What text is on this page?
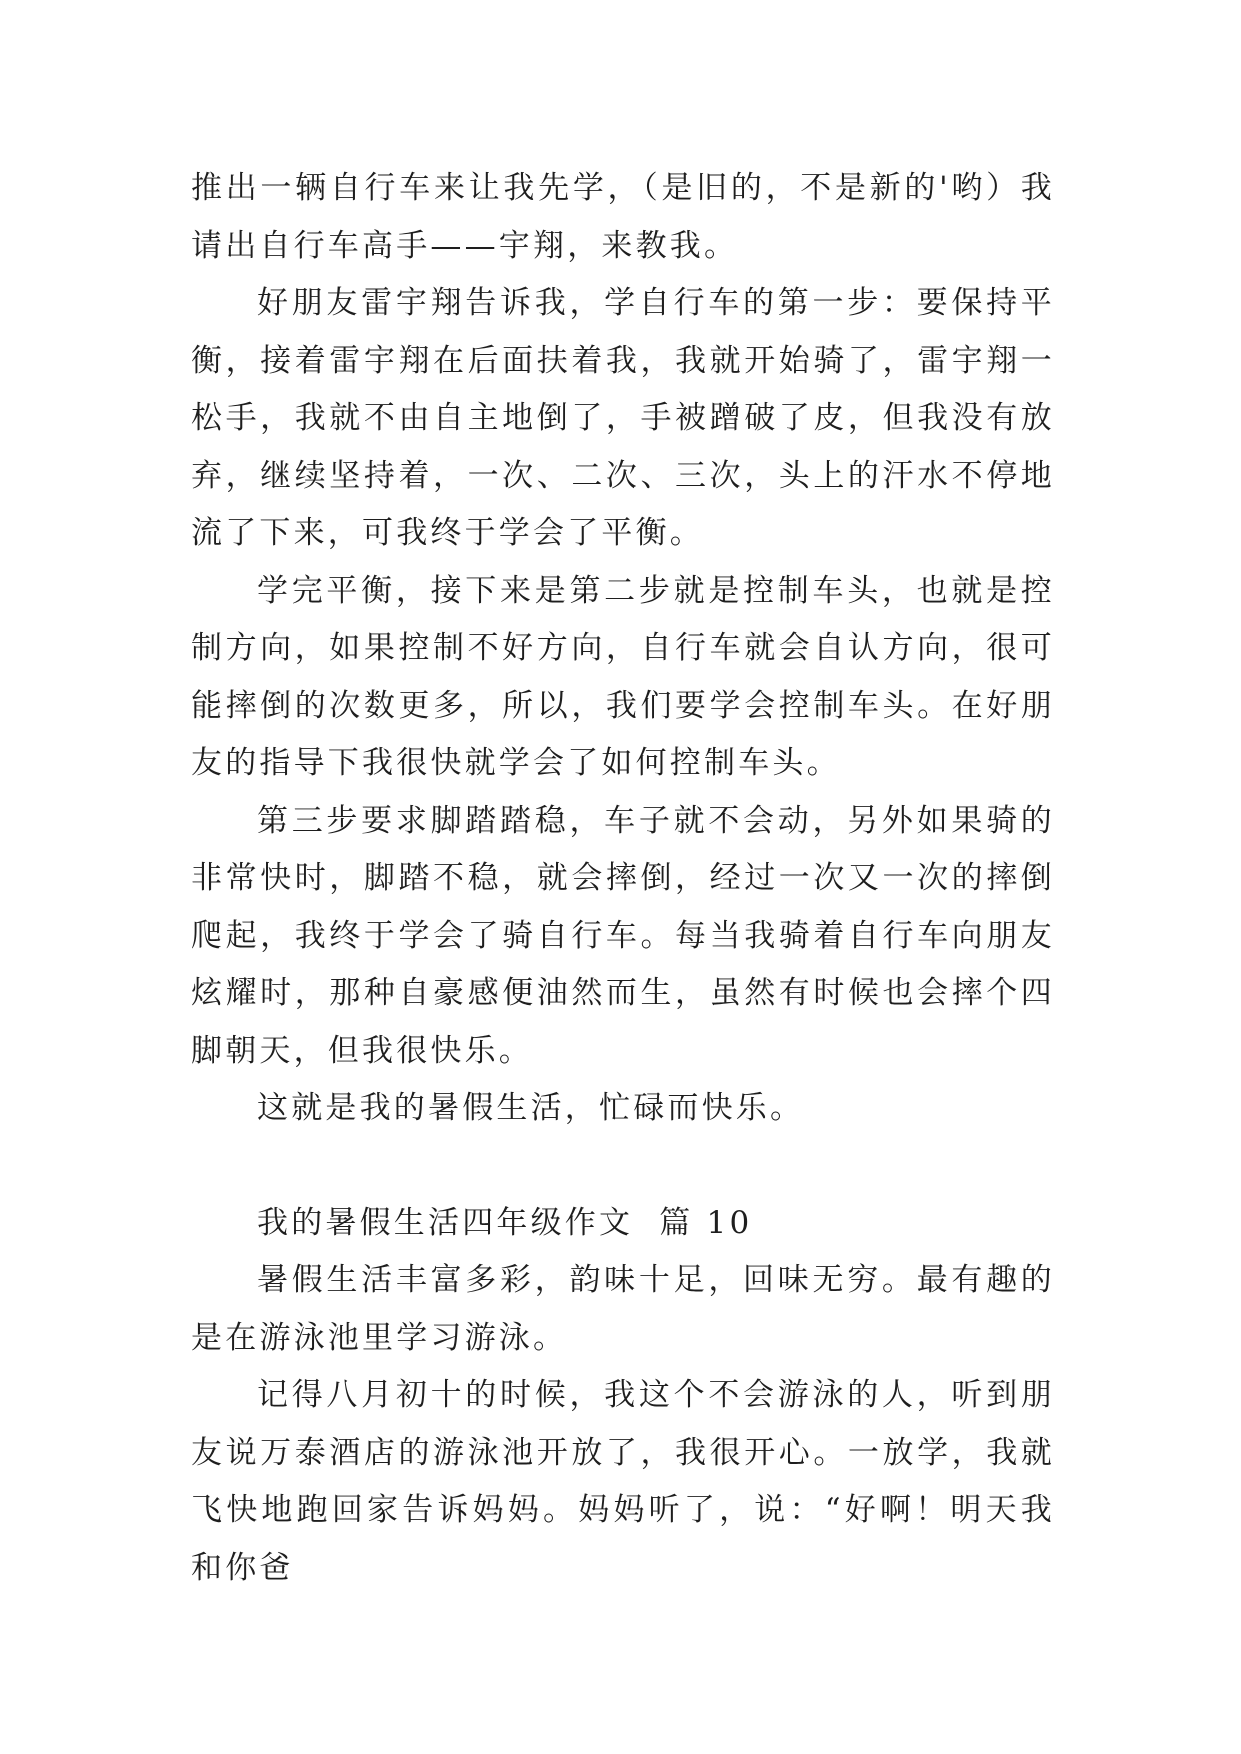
推出一辆自行车来让我先学，（是旧的，不是新的'哟）我请出自行车高手——宇翔，来教我。

好朋友雷宇翔告诉我，学自行车的第一步：要保持平衡，接着雷宇翔在后面扶着我，我就开始骑了，雷宇翔一松手，我就不由自主地倒了，手被蹭破了皮，但我没有放弃，继续坚持着，一次、二次、三次，头上的汗水不停地流了下来，可我终于学会了平衡。

学完平衡，接下来是第二步就是控制车头，也就是控制方向，如果控制不好方向，自行车就会自认方向，很可能摔倒的次数更多，所以，我们要学会控制车头。在好朋友的指导下我很快就学会了如何控制车头。

第三步要求脚踏踏稳，车子就不会动，另外如果骑的非常快时，脚踏不稳，就会摔倒，经过一次又一次的摔倒爬起，我终于学会了骑自行车。每当我骑着自行车向朋友炫耀时，那种自豪感便油然而生，虽然有时候也会摔个四脚朝天，但我很快乐。

这就是我的暑假生活，忙碌而快乐。

我的暑假生活四年级作文  篇 10

暑假生活丰富多彩，韵味十足，回味无穷。最有趣的是在游泳池里学习游泳。

记得八月初十的时候，我这个不会游泳的人，听到朋友说万泰酒店的游泳池开放了，我很开心。一放学，我就飞快地跑回家告诉妈妈。妈妈听了，说：“好啊！明天我和你爸
